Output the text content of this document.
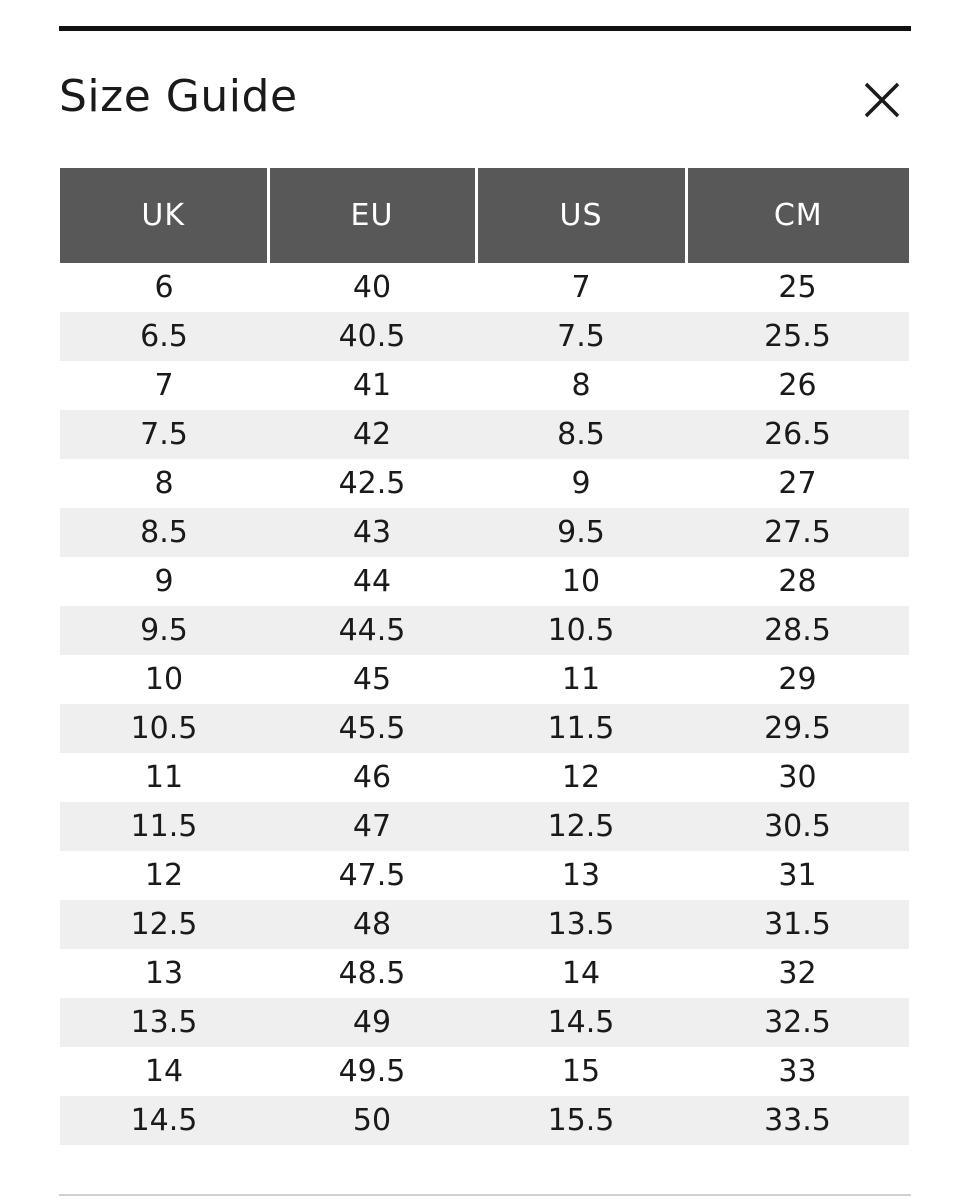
Size Guide
UK	EU	US	CM
6	40	7	25
6.5	40.5	7.5	25.5
7	41	8	26
7.5	42	8.5	26.5
8	42.5	9	27
8.5	43	9.5	27.5
9	44	10	28
9.5	44.5	10.5	28.5
10	45	11	29
10.5	45.5	11.5	29.5
11	46	12	30
11.5	47	12.5	30.5
12	47.5	13	31
12.5	48	13.5	31.5
13	48.5	14	32
13.5	49	14.5	32.5
14	49.5	15	33
14.5	50	15.5	33.5
